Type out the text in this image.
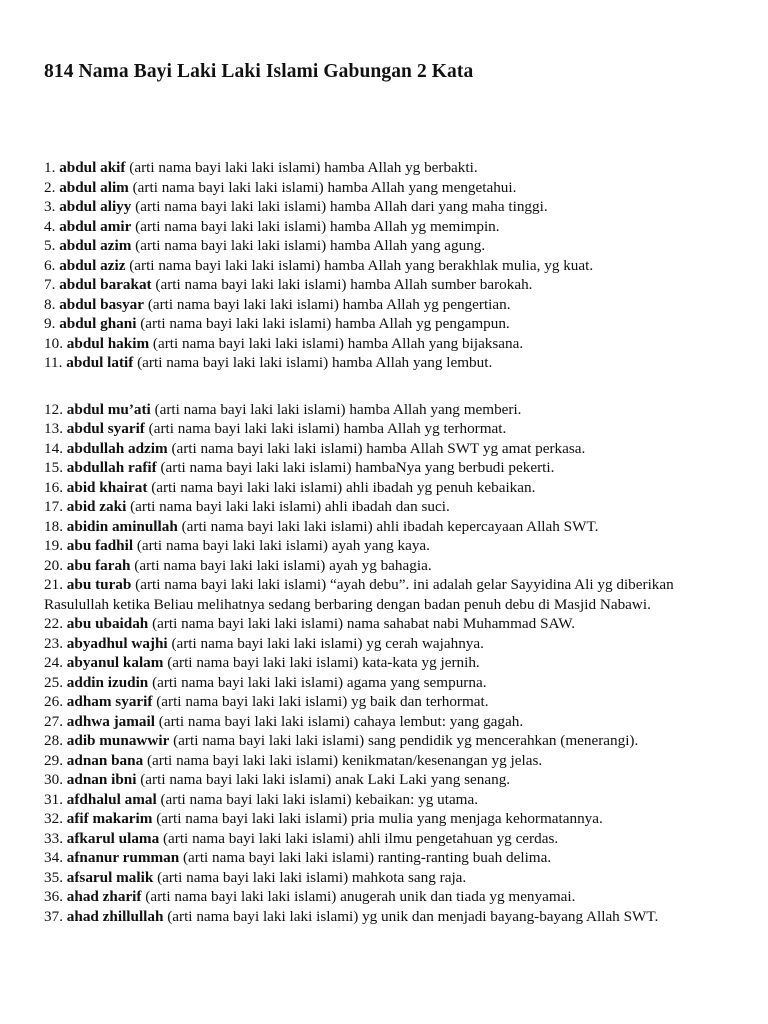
814 Nama Bayi Laki Laki Islami Gabungan 2 Kata
1. abdul akif (arti nama bayi laki laki islami) hamba Allah yg berbakti.
2. abdul alim (arti nama bayi laki laki islami) hamba Allah yang mengetahui.
3. abdul aliyy (arti nama bayi laki laki islami) hamba Allah dari yang maha tinggi.
4. abdul amir (arti nama bayi laki laki islami) hamba Allah yg memimpin.
5. abdul azim (arti nama bayi laki laki islami) hamba Allah yang agung.
6. abdul aziz (arti nama bayi laki laki islami) hamba Allah yang berakhlak mulia, yg kuat.
7. abdul barakat (arti nama bayi laki laki islami) hamba Allah sumber barokah.
8. abdul basyar (arti nama bayi laki laki islami) hamba Allah yg pengertian.
9. abdul ghani (arti nama bayi laki laki islami) hamba Allah yg pengampun.
10. abdul hakim (arti nama bayi laki laki islami) hamba Allah yang bijaksana.
11. abdul latif (arti nama bayi laki laki islami) hamba Allah yang lembut.
12. abdul mu’ati (arti nama bayi laki laki islami) hamba Allah yang memberi.
13. abdul syarif (arti nama bayi laki laki islami) hamba Allah yg terhormat.
14. abdullah adzim (arti nama bayi laki laki islami) hamba Allah SWT yg amat perkasa.
15. abdullah rafif (arti nama bayi laki laki islami) hambaNya yang berbudi pekerti.
16. abid khairat (arti nama bayi laki laki islami) ahli ibadah yg penuh kebaikan.
17. abid zaki (arti nama bayi laki laki islami) ahli ibadah dan suci.
18. abidin aminullah (arti nama bayi laki laki islami) ahli ibadah kepercayaan Allah SWT.
19. abu fadhil (arti nama bayi laki laki islami) ayah yang kaya.
20. abu farah (arti nama bayi laki laki islami) ayah yg bahagia.
21. abu turab (arti nama bayi laki laki islami) “ayah debu”. ini adalah gelar Sayyidina Ali yg diberikan Rasulullah ketika Beliau melihatnya sedang berbaring dengan badan penuh debu di Masjid Nabawi.
22. abu ubaidah (arti nama bayi laki laki islami) nama sahabat nabi Muhammad SAW.
23. abyadhul wajhi (arti nama bayi laki laki islami) yg cerah wajahnya.
24. abyanul kalam (arti nama bayi laki laki islami) kata-kata yg jernih.
25. addin izudin (arti nama bayi laki laki islami) agama yang sempurna.
26. adham syarif (arti nama bayi laki laki islami) yg baik dan terhormat.
27. adhwa jamail (arti nama bayi laki laki islami) cahaya lembut: yang gagah.
28. adib munawwir (arti nama bayi laki laki islami) sang pendidik yg mencerahkan (menerangi).
29. adnan bana (arti nama bayi laki laki islami) kenikmatan/kesenangan yg jelas.
30. adnan ibni (arti nama bayi laki laki islami) anak Laki Laki yang senang.
31. afdhalul amal (arti nama bayi laki laki islami) kebaikan: yg utama.
32. afif makarim (arti nama bayi laki laki islami) pria mulia yang menjaga kehormatannya.
33. afkarul ulama (arti nama bayi laki laki islami) ahli ilmu pengetahuan yg cerdas.
34. afnanur rumman (arti nama bayi laki laki islami) ranting-ranting buah delima.
35. afsarul malik (arti nama bayi laki laki islami) mahkota sang raja.
36. ahad zharif (arti nama bayi laki laki islami) anugerah unik dan tiada yg menyamai.
37. ahad zhillullah (arti nama bayi laki laki islami) yg unik dan menjadi bayang-bayang Allah SWT.
